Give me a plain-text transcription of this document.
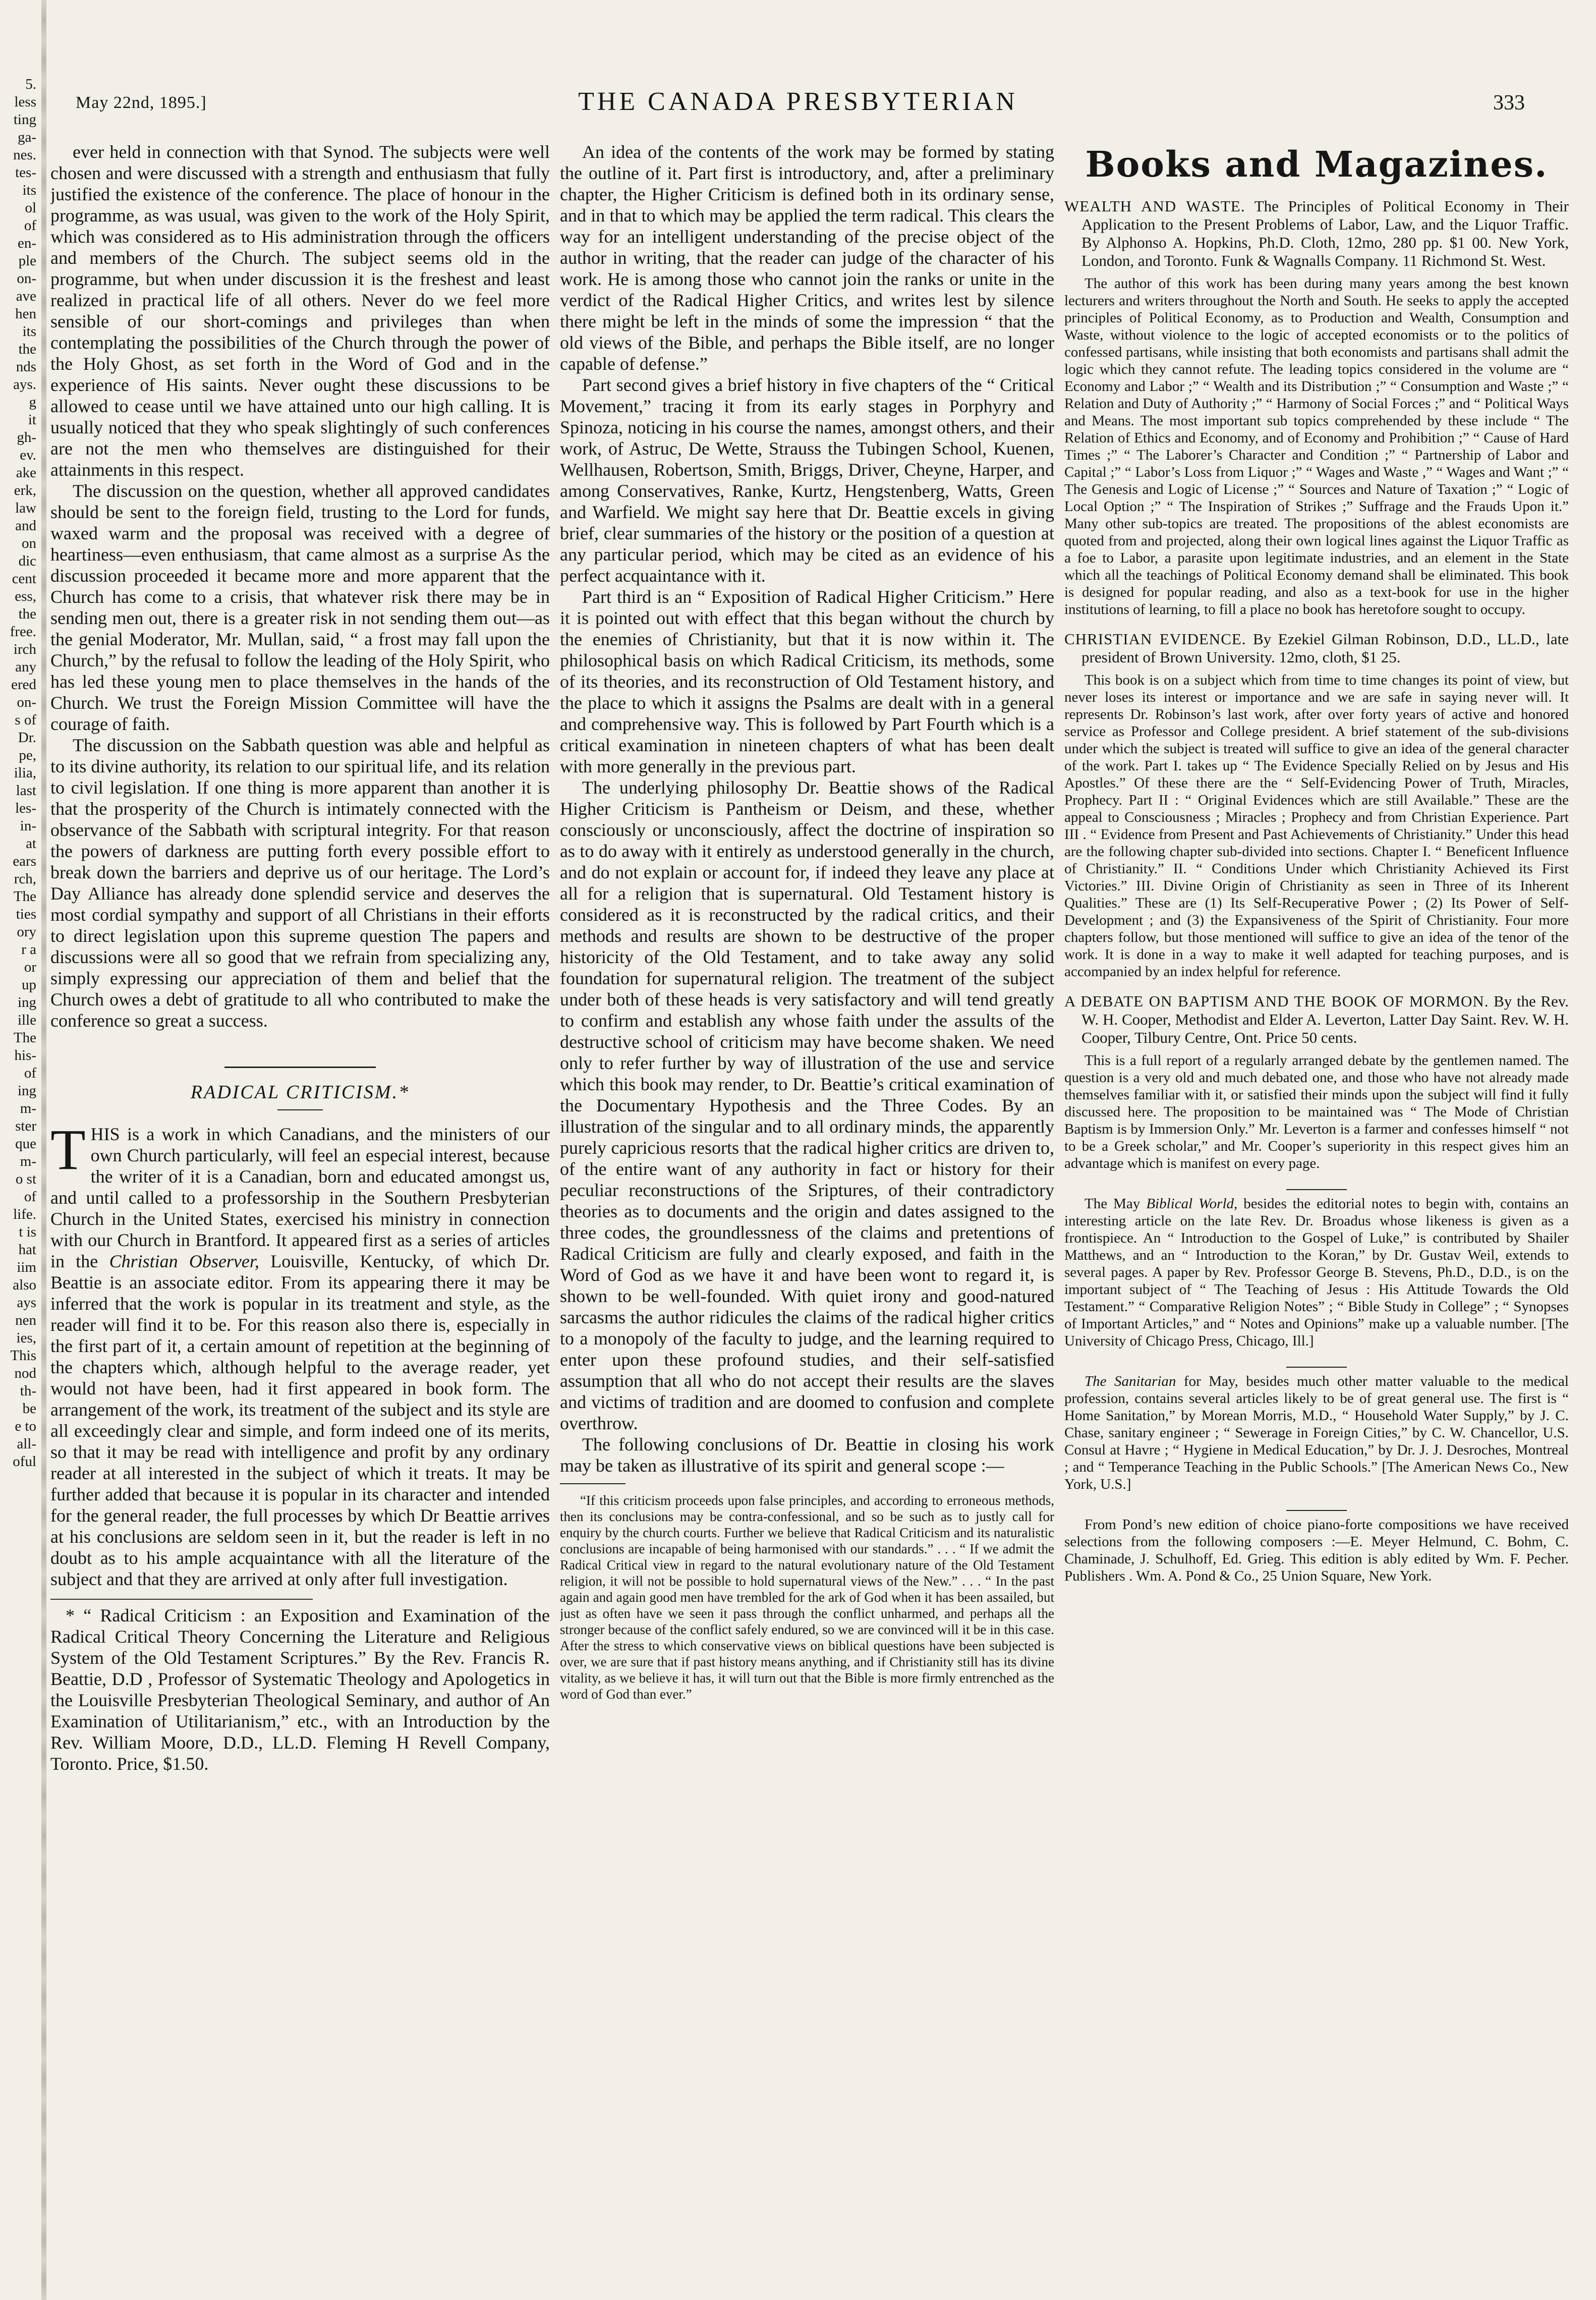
5.
less
ting
ga-
nes.
tes-
its
ol
of
en-
ple
on-
ave
hen
its
the
nds
ays.
g
it
gh-
ev.
ake
erk,
law
and
on
dic
cent
ess,
the
free.
irch
any
ered
on-
s of
Dr.
pe,
ilia,
last
les-
in-
at
ears
rch,
The
ties
ory
r a
or
up
ing
ille
The
his-
of
ing
m-
ster
que
m-
o st
of
life.
t is
hat
iim
also
ays
nen
ies,
This
nod
th-
be
e to
all-
oful
May 22nd, 1895.]	THE CANADA PRESBYTERIAN	333

ever held in connection with that Synod. The subjects were well chosen and were discussed with a strength and enthusiasm that fully justified the existence of the conference. The place of honour in the programme, as was usual, was given to the work of the Holy Spirit, which was considered as to His administration through the officers and members of the Church. The subject seems old in the programme, but when under discussion it is the freshest and least realized in practical life of all others. Never do we feel more sensible of our short-comings and privileges than when contemplating the possibilities of the Church through the power of the Holy Ghost, as set forth in the Word of God and in the experience of His saints. Never ought these discussions to be allowed to cease until we have attained unto our high calling. It is usually noticed that they who speak slightingly of such conferences are not the men who themselves are distinguished for their attainments in this respect.

The discussion on the question, whether all approved candidates should be sent to the foreign field, trusting to the Lord for funds, waxed warm and the proposal was received with a degree of heartiness—even enthusiasm, that came almost as a surprise As the discussion proceeded it became more and more apparent that the Church has come to a crisis, that whatever risk there may be in sending men out, there is a greater risk in not sending them out—as the genial Moderator, Mr. Mullan, said, “ a frost may fall upon the Church,” by the refusal to follow the leading of the Holy Spirit, who has led these young men to place themselves in the hands of the Church. We trust the Foreign Mission Committee will have the courage of faith.

The discussion on the Sabbath question was able and helpful as to its divine authority, its relation to our spiritual life, and its relation to civil legislation. If one thing is more apparent than another it is that the prosperity of the Church is intimately connected with the observance of the Sabbath with scriptural integrity. For that reason the powers of darkness are putting forth every possible effort to break down the barriers and deprive us of our heritage. The Lord’s Day Alliance has already done splendid service and deserves the most cordial sympathy and support of all Christians in their efforts to direct legislation upon this supreme question The papers and discussions were all so good that we refrain from specializing any, simply expressing our appreciation of them and belief that the Church owes a debt of gratitude to all who contributed to make the conference so great a success.

RADICAL CRITICISM.*

THIS is a work in which Canadians, and the ministers of our own Church particularly, will feel an especial interest, because the writer of it is a Canadian, born and educated amongst us, and until called to a professorship in the Southern Presbyterian Church in the United States, exercised his ministry in connection with our Church in Brantford. It appeared first as a series of articles in the Christian Observer, Louisville, Kentucky, of which Dr. Beattie is an associate editor. From its appearing there it may be inferred that the work is popular in its treatment and style, as the reader will find it to be. For this reason also there is, especially in the first part of it, a certain amount of repetition at the beginning of the chapters which, although helpful to the average reader, yet would not have been, had it first appeared in book form. The arrangement of the work, its treatment of the subject and its style are all exceedingly clear and simple, and form indeed one of its merits, so that it may be read with intelligence and profit by any ordinary reader at all interested in the subject of which it treats. It may be further added that because it is popular in its character and intended for the general reader, the full processes by which Dr Beattie arrives at his conclusions are seldom seen in it, but the reader is left in no doubt as to his ample acquaintance with all the literature of the subject and that they are arrived at only after full investigation.

* “ Radical Criticism : an Exposition and Examination of the Radical Critical Theory Concerning the Literature and Religious System of the Old Testament Scriptures.” By the Rev. Francis R. Beattie, D.D , Professor of Systematic Theology and Apologetics in the Louisville Presbyterian Theological Seminary, and author of An Examination of Utilitarianism,” etc., with an Introduction by the Rev. William Moore, D.D., LL.D. Fleming H Revell Company, Toronto. Price, $1.50.

An idea of the contents of the work may be formed by stating the outline of it. Part first is introductory, and, after a preliminary chapter, the Higher Criticism is defined both in its ordinary sense, and in that to which may be applied the term radical. This clears the way for an intelligent understanding of the precise object of the author in writing, that the reader can judge of the character of his work. He is among those who cannot join the ranks or unite in the verdict of the Radical Higher Critics, and writes lest by silence there might be left in the minds of some the impression “ that the old views of the Bible, and perhaps the Bible itself, are no longer capable of defense.”

Part second gives a brief history in five chapters of the “ Critical Movement,” tracing it from its early stages in Porphyry and Spinoza, noticing in his course the names, amongst others, and their work, of Astruc, De Wette, Strauss the Tubingen School, Kuenen, Wellhausen, Robertson, Smith, Briggs, Driver, Cheyne, Harper, and among Conservatives, Ranke, Kurtz, Hengstenberg, Watts, Green and Warfield. We might say here that Dr. Beattie excels in giving brief, clear summaries of the history or the position of a question at any particular period, which may be cited as an evidence of his perfect acquaintance with it.

Part third is an “ Exposition of Radical Higher Criticism.” Here it is pointed out with effect that this began without the church by the enemies of Christianity, but that it is now within it. The philosophical basis on which Radical Criticism, its methods, some of its theories, and its reconstruction of Old Testament history, and the place to which it assigns the Psalms are dealt with in a general and comprehensive way. This is followed by Part Fourth which is a critical examination in nineteen chapters of what has been dealt with more generally in the previous part.

The underlying philosophy Dr. Beattie shows of the Radical Higher Criticism is Pantheism or Deism, and these, whether consciously or unconsciously, affect the doctrine of inspiration so as to do away with it entirely as understood generally in the church, and do not explain or account for, if indeed they leave any place at all for a religion that is supernatural. Old Testament history is considered as it is reconstructed by the radical critics, and their methods and results are shown to be destructive of the proper historicity of the Old Testament, and to take away any solid foundation for supernatural religion. The treatment of the subject under both of these heads is very satisfactory and will tend greatly to confirm and establish any whose faith under the assults of the destructive school of criticism may have become shaken. We need only to refer further by way of illustration of the use and service which this book may render, to Dr. Beattie’s critical examination of the Documentary Hypothesis and the Three Codes. By an illustration of the singular and to all ordinary minds, the apparently purely capricious resorts that the radical higher critics are driven to, of the entire want of any authority in fact or history for their peculiar reconstructions of the Sriptures, of their contradictory theories as to documents and the origin and dates assigned to the three codes, the groundlessness of the claims and pretentions of Radical Criticism are fully and clearly exposed, and faith in the Word of God as we have it and have been wont to regard it, is shown to be well-founded. With quiet irony and good-natured sarcasms the author ridicules the claims of the radical higher critics to a monopoly of the faculty to judge, and the learning required to enter upon these profound studies, and their self-satisfied assumption that all who do not accept their results are the slaves and victims of tradition and are doomed to confusion and complete overthrow.

The following conclusions of Dr. Beattie in closing his work may be taken as illustrative of its spirit and general scope :—

“If this criticism proceeds upon false principles, and according to erroneous methods, then its conclusions may be contra-confessional, and so be such as to justly call for enquiry by the church courts. Further we believe that Radical Criticism and its naturalistic conclusions are incapable of being harmonised with our standards.” . . . “ If we admit the Radical Critical view in regard to the natural evolutionary nature of the Old Testament religion, it will not be possible to hold supernatural views of the New.” . . . “ In the past again and again good men have trembled for the ark of God when it has been assailed, but just as often have we seen it pass through the conflict unharmed, and perhaps all the stronger because of the conflict safely endured, so we are convinced will it be in this case. After the stress to which conservative views on biblical questions have been subjected is over, we are sure that if past history means anything, and if Christianity still has its divine vitality, as we believe it has, it will turn out that the Bible is more firmly entrenched as the word of God than ever.”

Books and Magazines.

WEALTH AND WASTE. The Principles of Political Economy in Their Application to the Present Problems of Labor, Law, and the Liquor Traffic. By Alphonso A. Hopkins, Ph.D. Cloth, 12mo, 280 pp. $1 00. New York, London, and Toronto. Funk & Wagnalls Company. 11 Richmond St. West.

The author of this work has been during many years among the best known lecturers and writers throughout the North and South. He seeks to apply the accepted principles of Political Economy, as to Production and Wealth, Consumption and Waste, without violence to the logic of accepted economists or to the politics of confessed partisans, while insisting that both economists and partisans shall admit the logic which they cannot refute. The leading topics considered in the volume are “ Economy and Labor ;” “ Wealth and its Distribution ;” “ Consumption and Waste ;” “ Relation and Duty of Authority ;” “ Harmony of Social Forces ;” and “ Political Ways and Means. The most important sub topics comprehended by these include “ The Relation of Ethics and Economy, and of Economy and Prohibition ;” “ Cause of Hard Times ;” “ The Laborer’s Character and Condition ;” “ Partnership of Labor and Capital ;” “ Labor’s Loss from Liquor ;” “ Wages and Waste ,” “ Wages and Want ;” “ The Genesis and Logic of License ;” “ Sources and Nature of Taxation ;” “ Logic of Local Option ;” “ The Inspiration of Strikes ;” Suffrage and the Frauds Upon it.” Many other sub-topics are treated. The propositions of the ablest economists are quoted from and projected, along their own logical lines against the Liquor Traffic as a foe to Labor, a parasite upon legitimate industries, and an element in the State which all the teachings of Political Economy demand shall be eliminated. This book is designed for popular reading, and also as a text-book for use in the higher institutions of learning, to fill a place no book has heretofore sought to occupy.

CHRISTIAN EVIDENCE. By Ezekiel Gilman Robinson, D.D., LL.D., late president of Brown University. 12mo, cloth, $1 25.

This book is on a subject which from time to time changes its point of view, but never loses its interest or importance and we are safe in saying never will. It represents Dr. Robinson’s last work, after over forty years of active and honored service as Professor and College president. A brief statement of the sub-divisions under which the subject is treated will suffice to give an idea of the general character of the work. Part I. takes up “ The Evidence Specially Relied on by Jesus and His Apostles.” Of these there are the “ Self-Evidencing Power of Truth, Miracles, Prophecy. Part II : “ Original Evidences which are still Available.” These are the appeal to Consciousness ; Miracles ; Prophecy and from Christian Experience. Part III . “ Evidence from Present and Past Achievements of Christianity.” Under this head are the following chapter sub-divided into sections. Chapter I. “ Beneficent Influence of Christianity.” II. “ Conditions Under which Christianity Achieved its First Victories.” III. Divine Origin of Christianity as seen in Three of its Inherent Qualities.” These are (1) Its Self-Recuperative Power ; (2) Its Power of Self-Development ; and (3) the Expansiveness of the Spirit of Christianity. Four more chapters follow, but those mentioned will suffice to give an idea of the tenor of the work. It is done in a way to make it well adapted for teaching purposes, and is accompanied by an index helpful for reference.

A DEBATE ON BAPTISM AND THE BOOK OF MORMON. By the Rev. W. H. Cooper, Methodist and Elder A. Leverton, Latter Day Saint. Rev. W. H. Cooper, Tilbury Centre, Ont. Price 50 cents.

This is a full report of a regularly arranged debate by the gentlemen named. The question is a very old and much debated one, and those who have not already made themselves familiar with it, or satisfied their minds upon the subject will find it fully discussed here. The proposition to be maintained was “ The Mode of Christian Baptism is by Immersion Only.” Mr. Leverton is a farmer and confesses himself “ not to be a Greek scholar,” and Mr. Cooper’s superiority in this respect gives him an advantage which is manifest on every page.

The May Biblical World, besides the editorial notes to begin with, contains an interesting article on the late Rev. Dr. Broadus whose likeness is given as a frontispiece. An “ Introduction to the Gospel of Luke,” is contributed by Shailer Matthews, and an “ Introduction to the Koran,” by Dr. Gustav Weil, extends to several pages. A paper by Rev. Professor George B. Stevens, Ph.D., D.D., is on the important subject of “ The Teaching of Jesus : His Attitude Towards the Old Testament.” “ Comparative Religion Notes” ; “ Bible Study in College” ; “ Synopses of Important Articles,” and “ Notes and Opinions” make up a valuable number. [The University of Chicago Press, Chicago, Ill.]

The Sanitarian for May, besides much other matter valuable to the medical profession, contains several articles likely to be of great general use. The first is “ Home Sanitation,” by Morean Morris, M.D., “ Household Water Supply,” by J. C. Chase, sanitary engineer ; “ Sewerage in Foreign Cities,” by C. W. Chancellor, U.S. Consul at Havre ; “ Hygiene in Medical Education,” by Dr. J. J. Desroches, Montreal ; and “ Temperance Teaching in the Public Schools.” [The American News Co., New York, U.S.]

From Pond’s new edition of choice piano-forte compositions we have received selections from the following composers :—E. Meyer Helmund, C. Bohm, C. Chaminade, J. Schulhoff, Ed. Grieg. This edition is ably edited by Wm. F. Pecher. Publishers . Wm. A. Pond & Co., 25 Union Square, New York.
